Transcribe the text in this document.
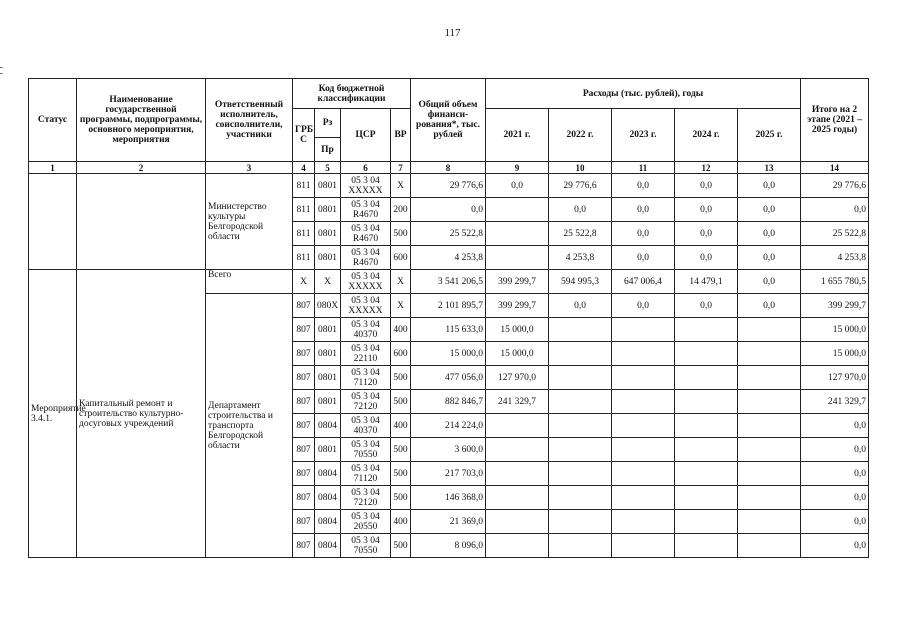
117
Статус	Наименование государственной программы, подпрограммы, основного мероприятия, мероприятия	Ответственный исполнитель, соисполнители, участники	Код бюджетной классификации				Общий объем финанси-рования*, тыс. рублей	Расходы (тыс. рублей), годы					Итого на 2 этапе (2021 – 2025 годы)
			ГРБ С	Рз	ЦСР	ВР		2021 г.	2022 г.	2023 г.	2024 г.	2025 г.	
				Пр									
1	2	3	4	5	6	7	8	9	10	11	12	13	14
		Министерство культуры Белгородской области	811	0801	05 3 04 XXXXX	X	29 776,6	0,0	29 776,6	0,0	0,0	0,0	29 776,6
			811	0801	05 3 04 R4670	200	0,0		0,0	0,0	0,0	0,0	0,0
			811	0801	05 3 04 R4670	500	25 522,8		25 522,8	0,0	0,0	0,0	25 522,8
			811	0801	05 3 04 R4670	600	4 253,8		4 253,8	0,0	0,0	0,0	4 253,8
Мероприятие 3.4.1.	Капитальный ремонт и строительство культурно-досуговых учреждений	Всего	X	X	05 3 04 XXXXX	X	3 541 206,5	399 299,7	594 995,3	647 006,4	14 479,1	0,0	1 655 780,5
		Департамент строительства и транспорта Белгородской области	807	080X	05 3 04 XXXXX	X	2 101 895,7	399 299,7	0,0	0,0	0,0	0,0	399 299,7
			807	0801	05 3 04 40370	400	115 633,0	15 000,0					15 000,0
			807	0801	05 3 04 22110	600	15 000,0	15 000,0					15 000,0
			807	0801	05 3 04 71120	500	477 056,0	127 970,0					127 970,0
			807	0801	05 3 04 72120	500	882 846,7	241 329,7					241 329,7
			807	0804	05 3 04 40370	400	214 224,0						0,0
			807	0801	05 3 04 70550	500	3 600,0						0,0
			807	0804	05 3 04 71120	500	217 703,0						0,0
			807	0804	05 3 04 72120	500	146 368,0						0,0
			807	0804	05 3 04 20550	400	21 369,0						0,0
			807	0804	05 3 04 70550	500	8 096,0						0,0
